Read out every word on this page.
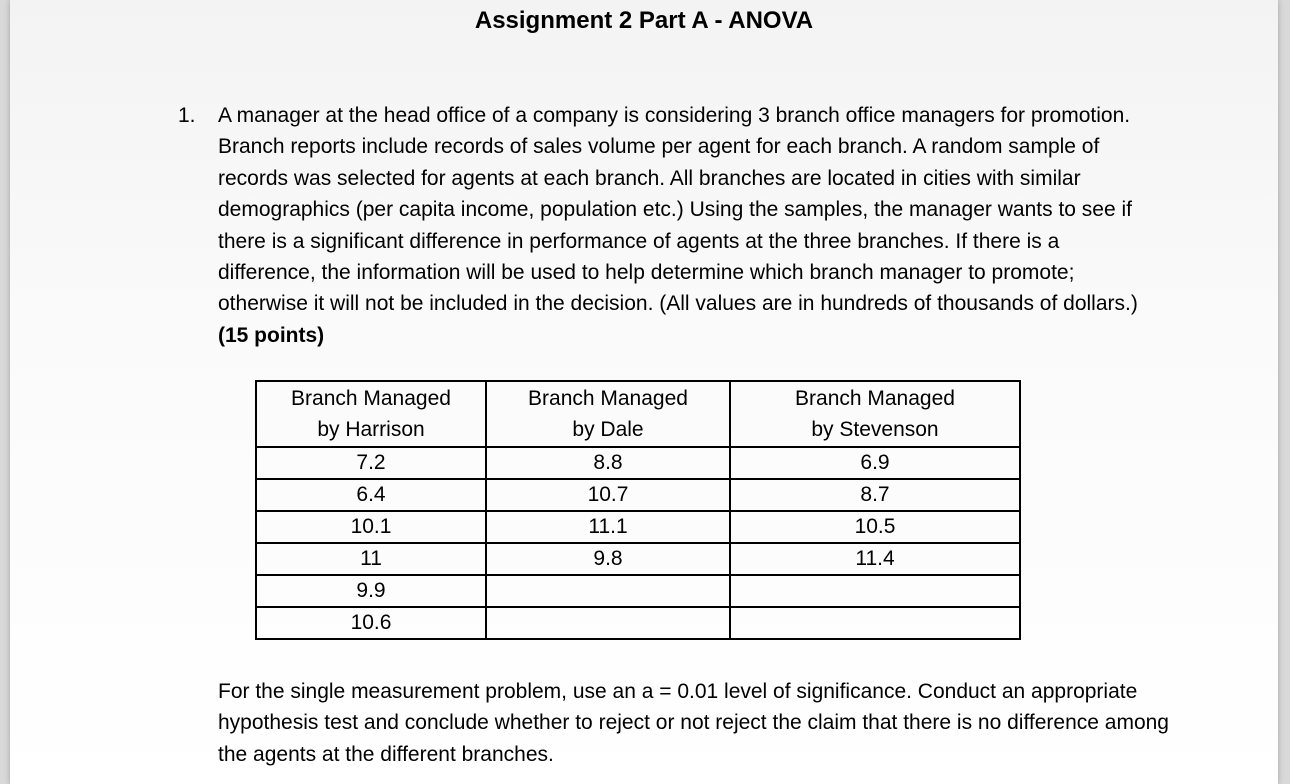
Assignment 2 Part A - ANOVA
1. A manager at the head office of a company is considering 3 branch office managers for promotion. Branch reports include records of sales volume per agent for each branch. A random sample of records was selected for agents at each branch. All branches are located in cities with similar demographics (per capita income, population etc.) Using the samples, the manager wants to see if there is a significant difference in performance of agents at the three branches. If there is a difference, the information will be used to help determine which branch manager to promote; otherwise it will not be included in the decision. (All values are in hundreds of thousands of dollars.) (15 points)
Branch Managed
by Harrison	Branch Managed
by Dale	Branch Managed
by Stevenson
7.2	8.8	6.9
6.4	10.7	8.7
10.1	11.1	10.5
11	9.8	11.4
9.9		
10.6		
For the single measurement problem, use an a = 0.01 level of significance. Conduct an appropriate hypothesis test and conclude whether to reject or not reject the claim that there is no difference among the agents at the different branches.
